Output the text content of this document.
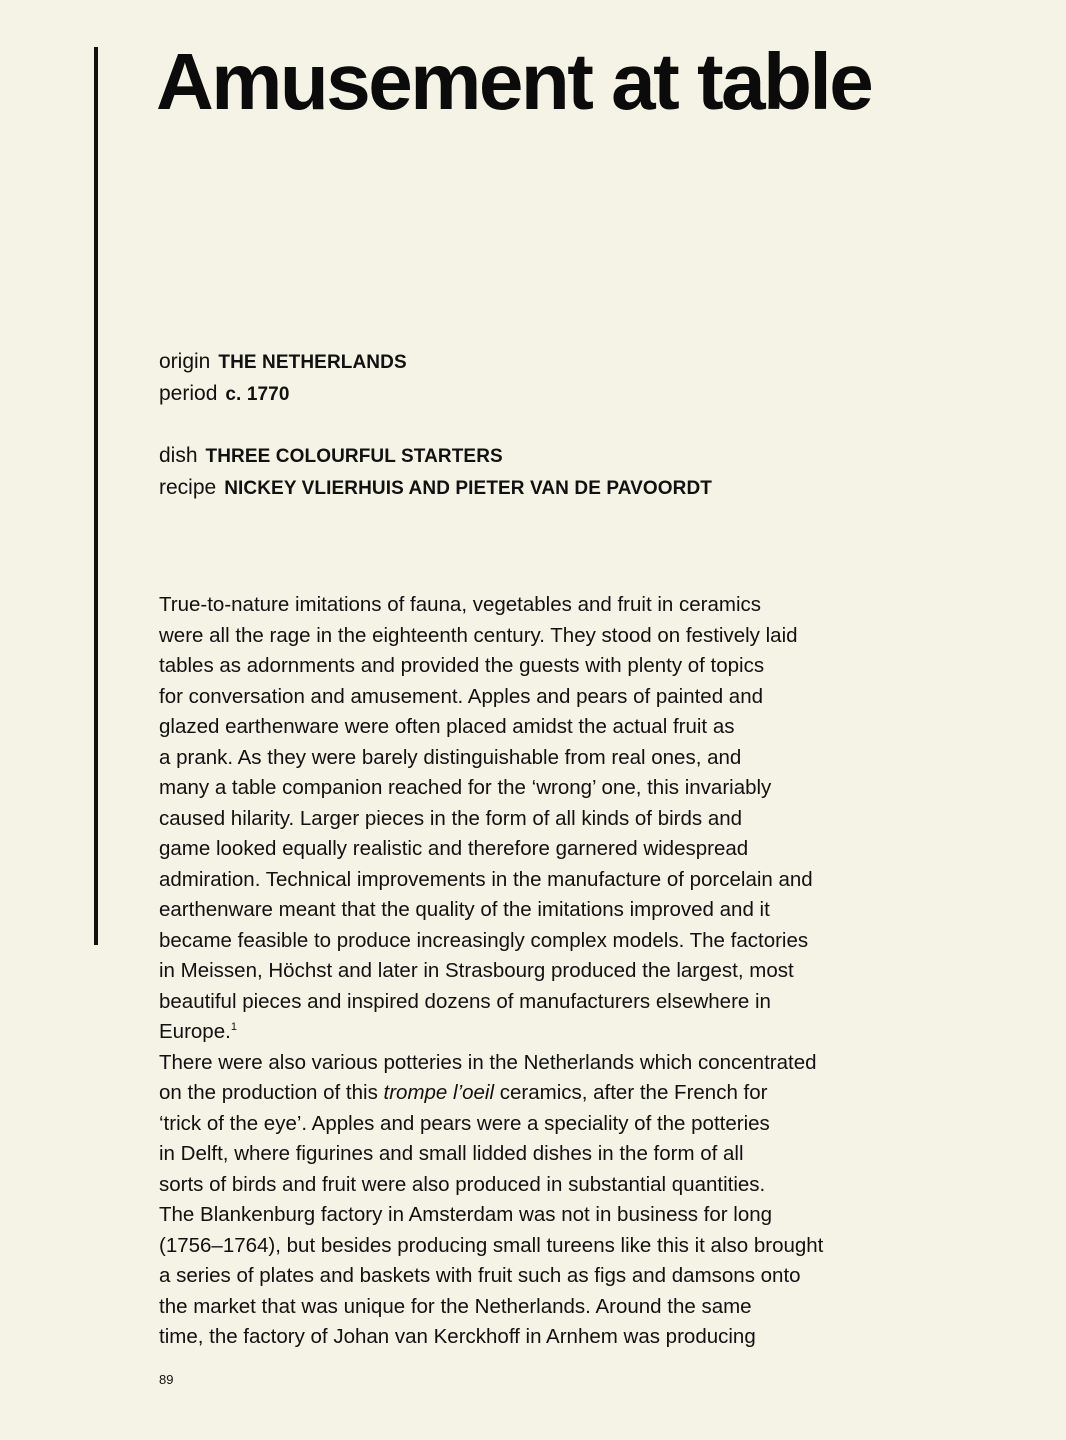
Amusement at table
origin THE NETHERLANDS
period c. 1770
dish THREE COLOURFUL STARTERS
recipe NICKEY VLIERHUIS AND PIETER VAN DE PAVOORDT
True-to-nature imitations of fauna, vegetables and fruit in ceramics
were all the rage in the eighteenth century. They stood on festively laid
tables as adornments and provided the guests with plenty of topics
for conversation and amusement. Apples and pears of painted and
glazed earthenware were often placed amidst the actual fruit as
a prank. As they were barely distinguishable from real ones, and
many a table companion reached for the ‘wrong’ one, this invariably
caused hilarity. Larger pieces in the form of all kinds of birds and
game looked equally realistic and therefore garnered widespread
admiration. Technical improvements in the manufacture of porcelain and
earthenware meant that the quality of the imitations improved and it
became feasible to produce increasingly complex models. The factories
in Meissen, Höchst and later in Strasbourg produced the largest, most
beautiful pieces and inspired dozens of manufacturers elsewhere in
Europe.$^1$
There were also various potteries in the Netherlands which concentrated
on the production of this trompe l’oeil ceramics, after the French for
‘trick of the eye’. Apples and pears were a speciality of the potteries
in Delft, where figurines and small lidded dishes in the form of all
sorts of birds and fruit were also produced in substantial quantities.
The Blankenburg factory in Amsterdam was not in business for long
(1756–1764), but besides producing small tureens like this it also brought
a series of plates and baskets with fruit such as figs and damsons onto
the market that was unique for the Netherlands. Around the same
time, the factory of Johan van Kerckhoff in Arnhem was producing
89
